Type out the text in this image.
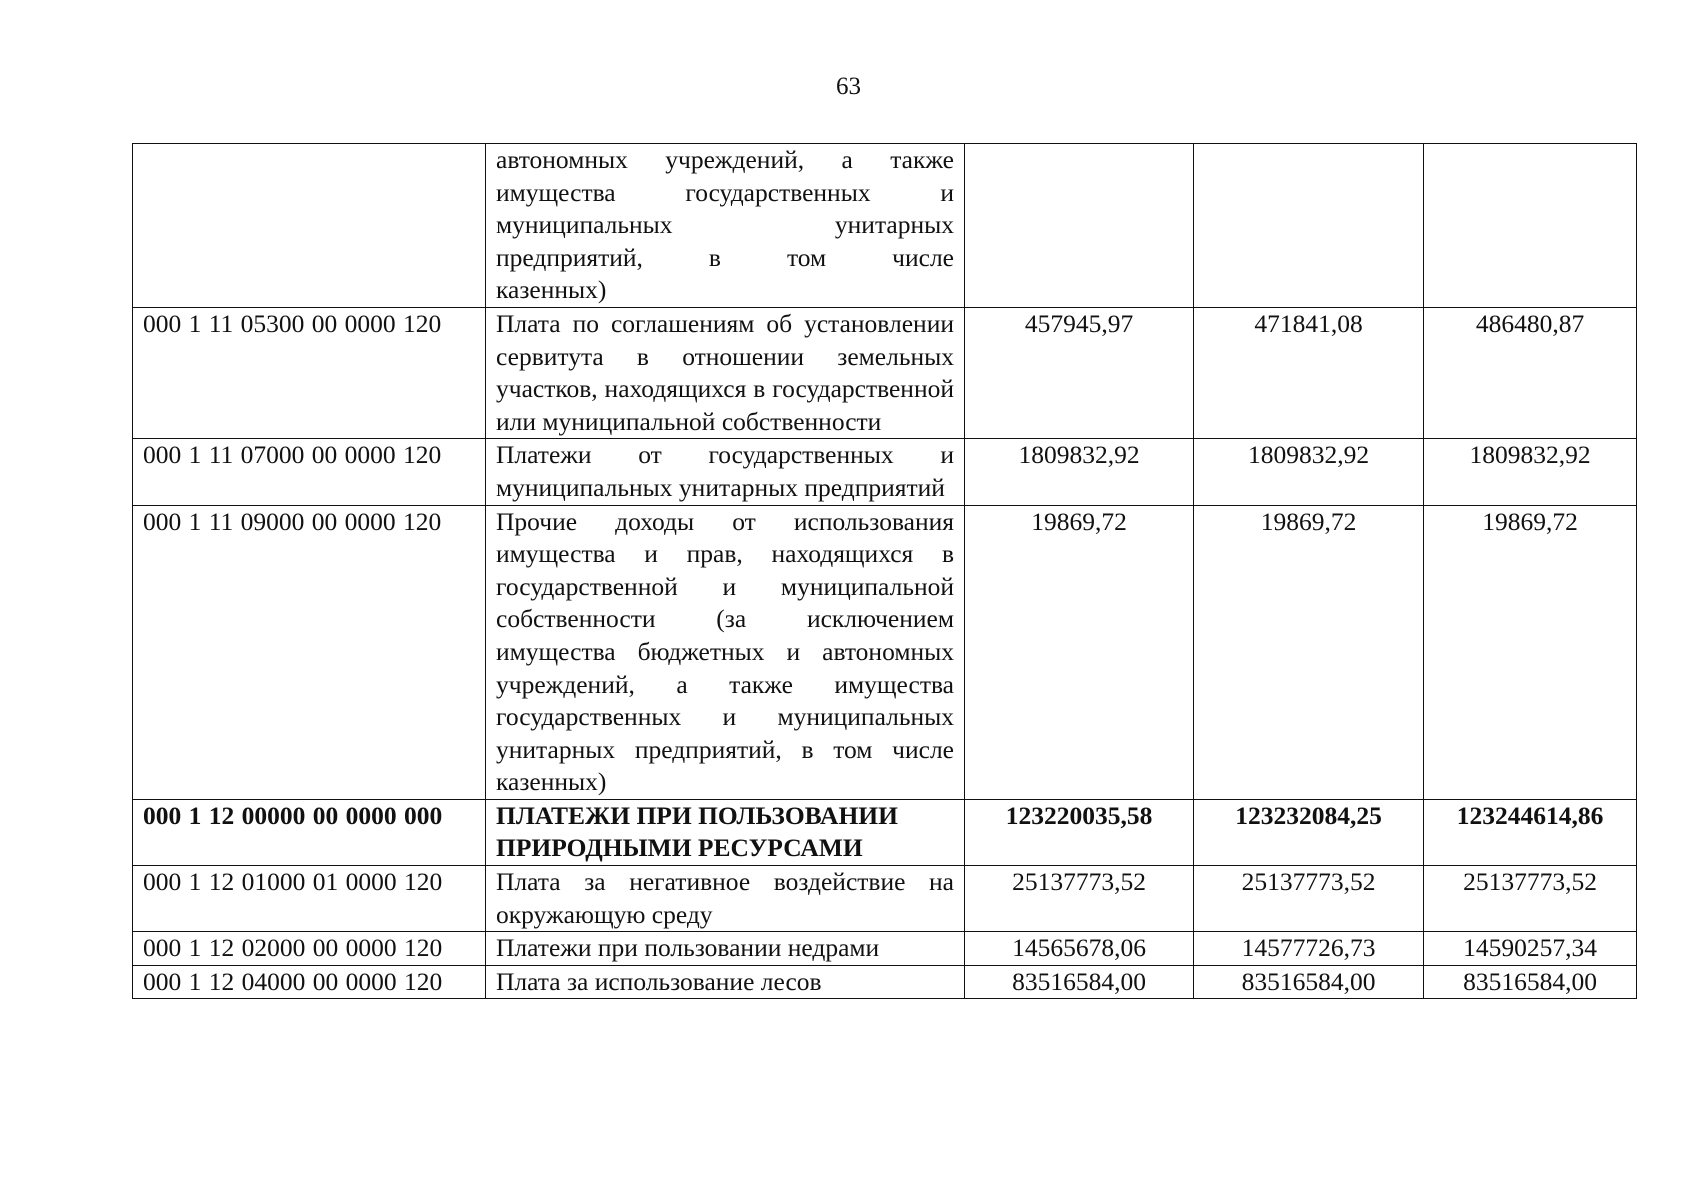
63

	автономных учреждений, а также
имущества государственных и
муниципальных унитарных
предприятий, в том числе
казенных)			

000 1 11 05300 00 0000 120	Плата по соглашениям об установлении сервитута в отношении земельных участков, находящихся в государственной или муниципальной собственности	457945,97	471841,08	486480,87
000 1 11 07000 00 0000 120	Платежи от государственных и муниципальных унитарных предприятий	1809832,92	1809832,92	1809832,92
000 1 11 09000 00 0000 120	Прочие доходы от использования имущества и прав, находящихся в государственной и муниципальной собственности (за исключением имущества бюджетных и автономных учреждений, а также имущества государственных и муниципальных унитарных предприятий, в том числе казенных)	19869,72	19869,72	19869,72
000 1 12 00000 00 0000 000	ПЛАТЕЖИ ПРИ ПОЛЬЗОВАНИИ ПРИРОДНЫМИ РЕСУРСАМИ	123220035,58	123232084,25	123244614,86
000 1 12 01000 01 0000 120	Плата за негативное воздействие на окружающую среду	25137773,52	25137773,52	25137773,52
000 1 12 02000 00 0000 120	Платежи при пользовании недрами	14565678,06	14577726,73	14590257,34
000 1 12 04000 00 0000 120	Плата за использование лесов	83516584,00	83516584,00	83516584,00
